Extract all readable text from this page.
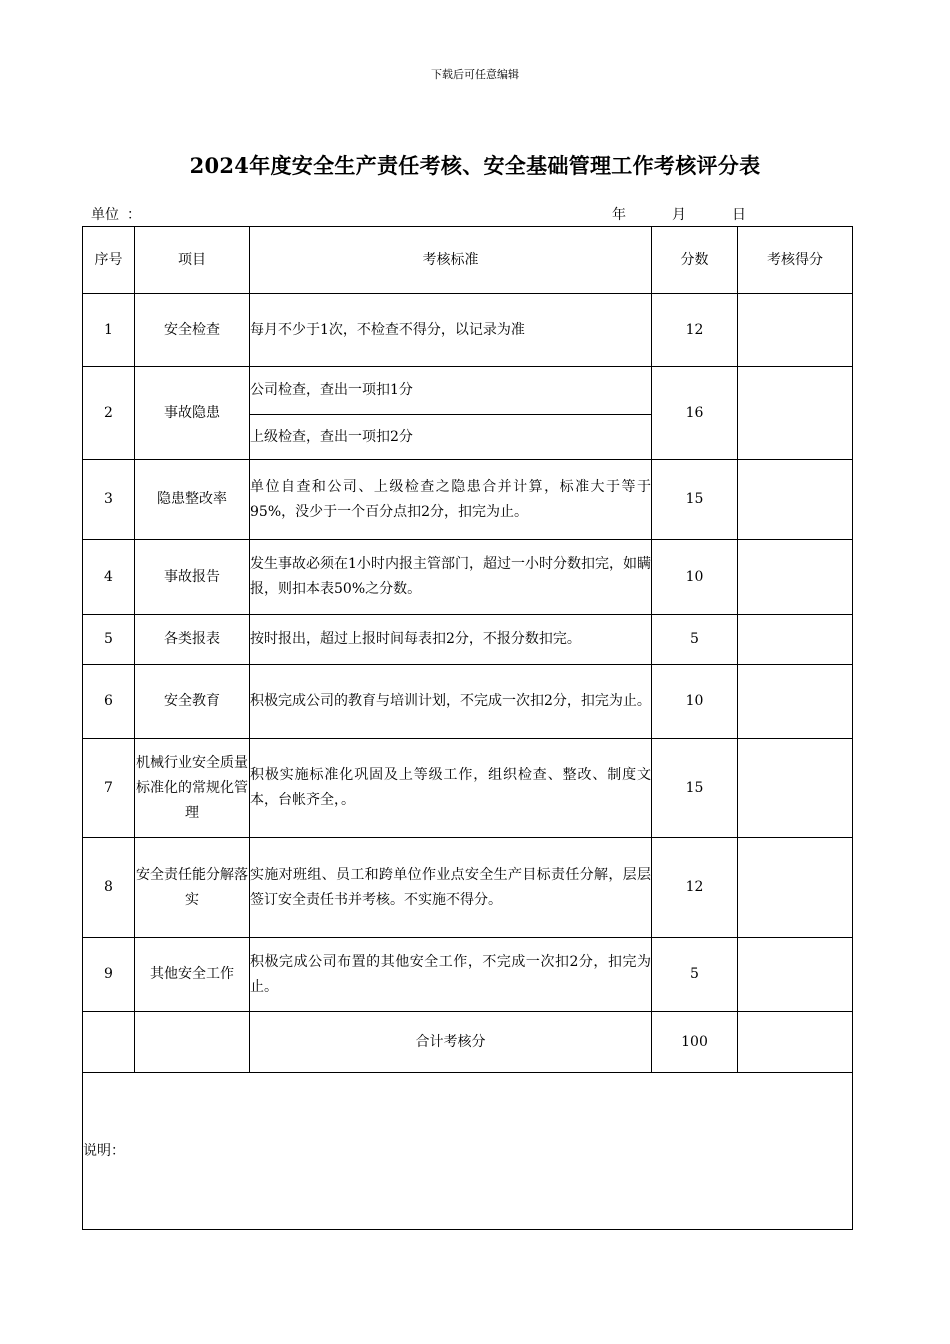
下载后可任意编辑
2024年度安全生产责任考核、安全基础管理工作考核评分表
单位 ：	年	月	日
序号	项目	考核标准	分数	考核得分
1	安全检查	每月不少于1次，不检查不得分，以记录为准	12	
2	事故隐患	公司检查，查出一项扣1分	16	
		上级检查，查出一项扣2分		
3	隐患整改率	单位自查和公司、上级检查之隐患合并计算，标准大于等于95%，没少于一个百分点扣2分，扣完为止。	15	
4	事故报告	发生事故必须在1小时内报主管部门，超过一小时分数扣完，如瞒报，则扣本表50%之分数。	10	
5	各类报表	按时报出，超过上报时间每表扣2分，不报分数扣完。	5	
6	安全教育	积极完成公司的教育与培训计划，不完成一次扣2分，扣完为止。	10	
7	机械行业安全质量标准化的常规化管理	积极实施标准化巩固及上等级工作，组织检查、整改、制度文本，台帐齐全，。	15	
8	安全责任能分解落实	实施对班组、员工和跨单位作业点安全生产目标责任分解，层层签订安全责任书并考核。不实施不得分。	12	
9	其他安全工作	积极完成公司布置的其他安全工作，不完成一次扣2分，扣完为止。	5	
		合计考核分	100	
说明：				
